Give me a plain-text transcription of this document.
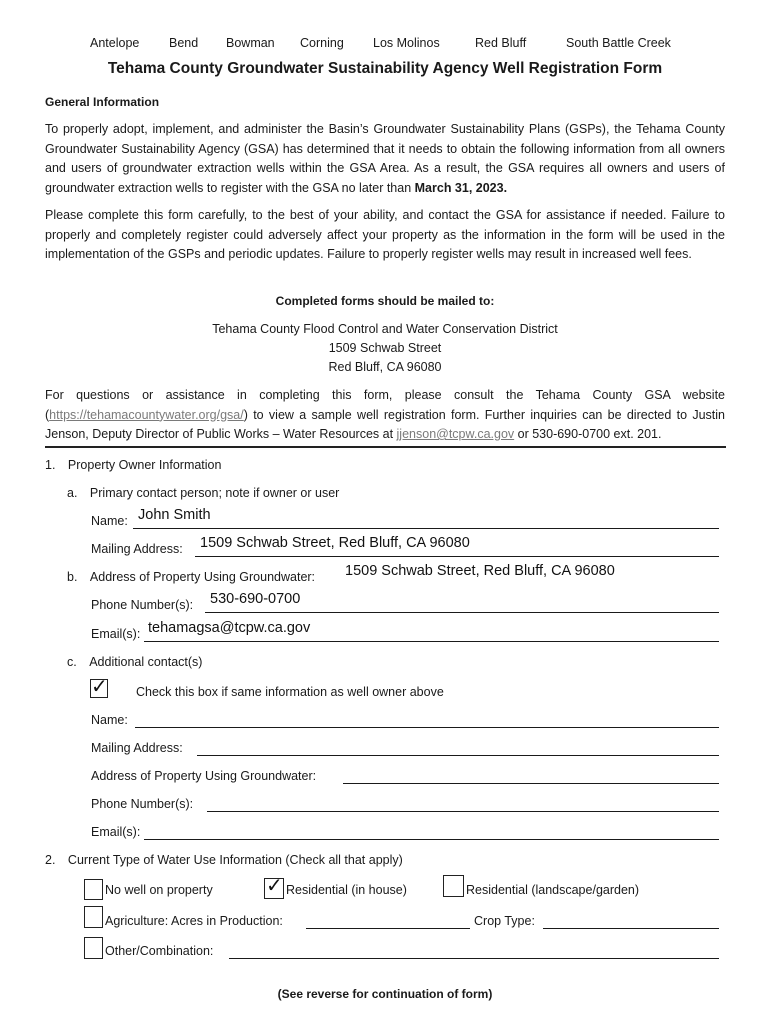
Antelope Bend Bowman Corning Los Molinos	Red Bluff	South Battle Creek
Tehama County Groundwater Sustainability Agency Well Registration Form
General Information
To properly adopt, implement, and administer the Basin’s Groundwater Sustainability Plans (GSPs), the Tehama County Groundwater Sustainability Agency (GSA) has determined that it needs to obtain the following information from all owners and users of groundwater extraction wells within the GSA Area. As a result, the GSA requires all owners and users of groundwater extraction wells to register with the GSA no later than March 31, 2023.
Please complete this form carefully, to the best of your ability, and contact the GSA for assistance if needed. Failure to properly and completely register could adversely affect your property as the information in the form will be used in the implementation of the GSPs and periodic updates. Failure to properly register wells may result in increased well fees.
Completed forms should be mailed to:
Tehama County Flood Control and Water Conservation District
1509 Schwab Street
Red Bluff, CA 96080
For questions or assistance in completing this form, please consult the Tehama County GSA website (https://tehamacountywater.org/gsa/) to view a sample well registration form. Further inquiries can be directed to Justin Jenson, Deputy Director of Public Works – Water Resources at jjenson@tcpw.ca.gov or 530-690-0700 ext. 201.
1. Property Owner Information
a. Primary contact person; note if owner or user
Name: John Smith
Mailing Address: 1509 Schwab Street, Red Bluff, CA 96080
b. Address of Property Using Groundwater: 1509 Schwab Street, Red Bluff, CA 96080
Phone Number(s): 530-690-0700
Email(s): tehamagsa@tcpw.ca.gov
c. Additional contact(s)
✓ Check this box if same information as well owner above
Name:
Mailing Address:
Address of Property Using Groundwater:
Phone Number(s):
Email(s):
2. Current Type of Water Use Information (Check all that apply)
No well on property	✓ Residential (in house)	Residential (landscape/garden)
Agriculture: Acres in Production:	Crop Type:
Other/Combination:
(See reverse for continuation of form)
